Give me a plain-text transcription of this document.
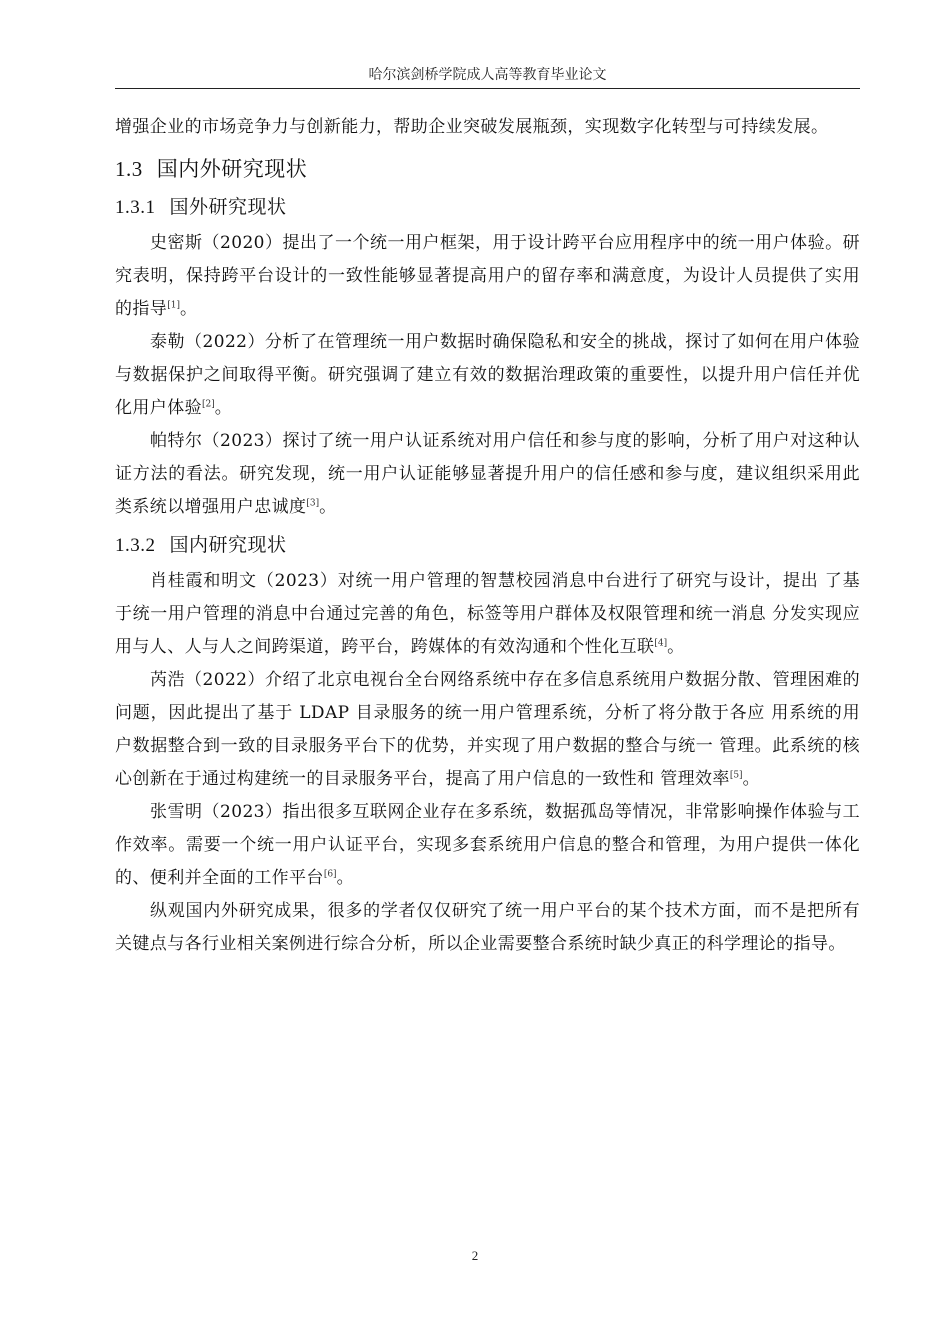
哈尔滨剑桥学院成人高等教育毕业论文

增强企业的市场竞争力与创新能力，帮助企业突破发展瓶颈，实现数字化转型与可持续发展。

1.3 国内外研究现状
1.3.1 国外研究现状

史密斯（2020）提出了一个统一用户框架，用于设计跨平台应用程序中的统一用户体验。研究表明，保持跨平台设计的一致性能够显著提高用户的留存率和满意度，为设计人员提供了实用的指导[1]。

泰勒（2022）分析了在管理统一用户数据时确保隐私和安全的挑战，探讨了如何在用户体验与数据保护之间取得平衡。研究强调了建立有效的数据治理政策的重要性，以提升用户信任并优化用户体验[2]。

帕特尔（2023）探讨了统一用户认证系统对用户信任和参与度的影响，分析了用户对这种认证方法的看法。研究发现，统一用户认证能够显著提升用户的信任感和参与度，建议组织采用此类系统以增强用户忠诚度[3]。

1.3.2 国内研究现状

肖桂霞和明文（2023）对统一用户管理的智慧校园消息中台进行了研究与设计，提出 了基于统一用户管理的消息中台通过完善的角色，标签等用户群体及权限管理和统一消息 分发实现应用与人、人与人之间跨渠道，跨平台，跨媒体的有效沟通和个性化互联[4]。

芮浩（2022）介绍了北京电视台全台网络系统中存在多信息系统用户数据分散、管理困难的问题，因此提出了基于 LDAP 目录服务的统一用户管理系统，分析了将分散于各应 用系统的用户数据整合到一致的目录服务平台下的优势，并实现了用户数据的整合与统一 管理。此系统的核心创新在于通过构建统一的目录服务平台，提高了用户信息的一致性和 管理效率[5]。

张雪明（2023）指出很多互联网企业存在多系统，数据孤岛等情况，非常影响操作体验与工作效率。需要一个统一用户认证平台，实现多套系统用户信息的整合和管理，为用户提供一体化的、便利并全面的工作平台[6]。

纵观国内外研究成果，很多的学者仅仅研究了统一用户平台的某个技术方面，而不是把所有关键点与各行业相关案例进行综合分析，所以企业需要整合系统时缺少真正的科学理论的指导。

2
